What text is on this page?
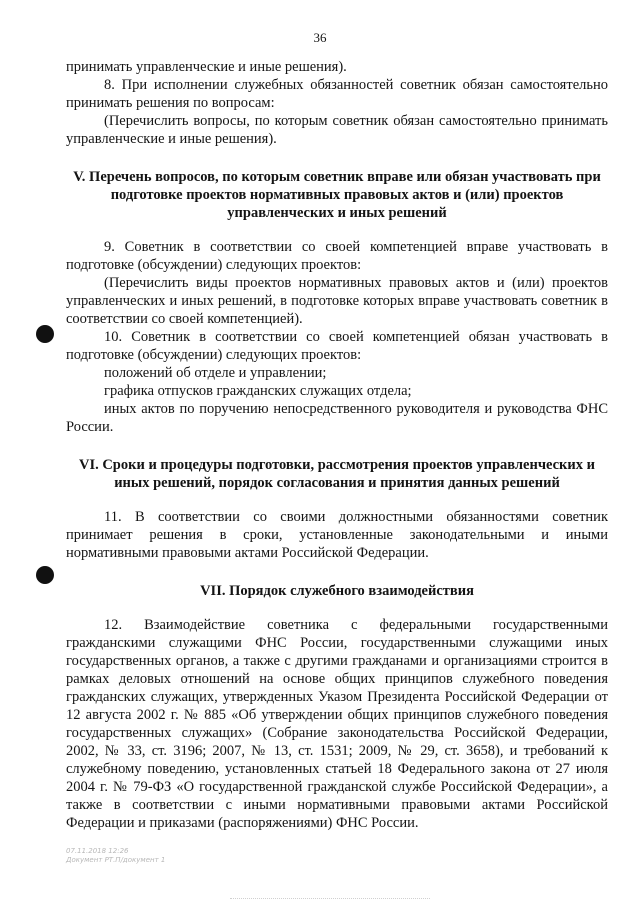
36

принимать управленческие и иные решения).

8. При исполнении служебных обязанностей советник обязан самостоятельно принимать решения по вопросам:

(Перечислить вопросы, по которым советник обязан самостоятельно принимать управленческие и иные решения).

V. Перечень вопросов, по которым советник вправе или обязан участвовать при подготовке проектов нормативных правовых актов и (или) проектов управленческих и иных решений

9. Советник в соответствии со своей компетенцией вправе участвовать в подготовке (обсуждении) следующих проектов:

(Перечислить виды проектов нормативных правовых актов и (или) проектов управленческих и иных решений, в подготовке которых вправе участвовать советник в соответствии со своей компетенцией).

10. Советник в соответствии со своей компетенцией обязан участвовать в подготовке (обсуждении) следующих проектов:

положений об отделе и управлении;

графика отпусков гражданских служащих отдела;

иных актов по поручению непосредственного руководителя и руководства ФНС России.

VI. Сроки и процедуры подготовки, рассмотрения проектов управленческих и иных решений, порядок согласования и принятия данных решений

11. В соответствии со своими должностными обязанностями советник принимает решения в сроки, установленные законодательными и иными нормативными правовыми актами Российской Федерации.

VII. Порядок служебного взаимодействия

12. Взаимодействие советника с федеральными государственными гражданскими служащими ФНС России, государственными служащими иных государственных органов, а также с другими гражданами и организациями строится в рамках деловых отношений на основе общих принципов служебного поведения гражданских служащих, утвержденных Указом Президента Российской Федерации от 12 августа 2002 г. № 885 «Об утверждении общих принципов служебного поведения государственных служащих» (Собрание законодательства Российской Федерации, 2002, № 33, ст. 3196; 2007, № 13, ст. 1531; 2009, № 29, ст. 3658), и требований к служебному поведению, установленных статьей 18 Федерального закона от 27 июля 2004 г. № 79-ФЗ «О государственной гражданской службе Российской Федерации», а также в соответствии с иными нормативными правовыми актами Российской Федерации и приказами (распоряжениями) ФНС России.

07.11.2018 12:26
Документ РТ.П/документ 1
